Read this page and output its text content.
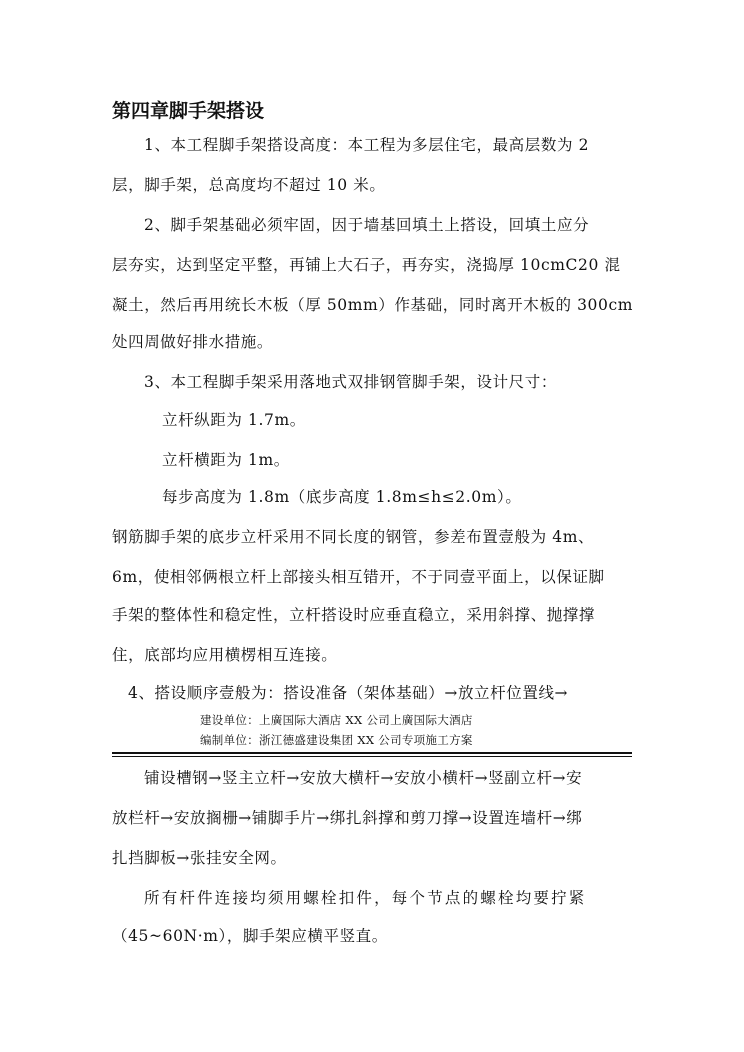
第四章脚手架搭设
1、本工程脚手架搭设高度：本工程为多层住宅，最高层数为 2
层，脚手架，总高度均不超过 10 米。
2、脚手架基础必须牢固，因于墙基回填土上搭设，回填土应分
层夯实，达到坚定平整，再铺上大石子，再夯实，浇捣厚 10cmC20 混
凝土，然后再用统长木板（厚 50mm）作基础，同时离开木板的 300cm
处四周做好排水措施。
3、本工程脚手架采用落地式双排钢管脚手架，设计尺寸：
立杆纵距为 1.7m。
立杆横距为 1m。
每步高度为 1.8m（底步高度 1.8m≤h≤2.0m）。
钢筋脚手架的底步立杆采用不同长度的钢管，参差布置壹般为 4m、
6m，使相邻俩根立杆上部接头相互错开，不于同壹平面上，以保证脚
手架的整体性和稳定性，立杆搭设时应垂直稳立，采用斜撑、抛撑撑
住，底部均应用横楞相互连接。
4、搭设顺序壹般为：搭设准备（架体基础）→放立杆位置线→
建设单位：上廣国际大酒店 XX 公司上廣国际大酒店
编制单位：浙江德盛建设集团 XX 公司专项施工方案
铺设槽钢→竖主立杆→安放大横杆→安放小横杆→竖副立杆→安
放栏杆→安放搁栅→铺脚手片→绑扎斜撑和剪刀撑→设置连墙杆→绑
扎挡脚板→张挂安全网。
所有杆件连接均须用螺栓扣件，每个节点的螺栓均要拧紧
（45~60N·m），脚手架应横平竖直。
